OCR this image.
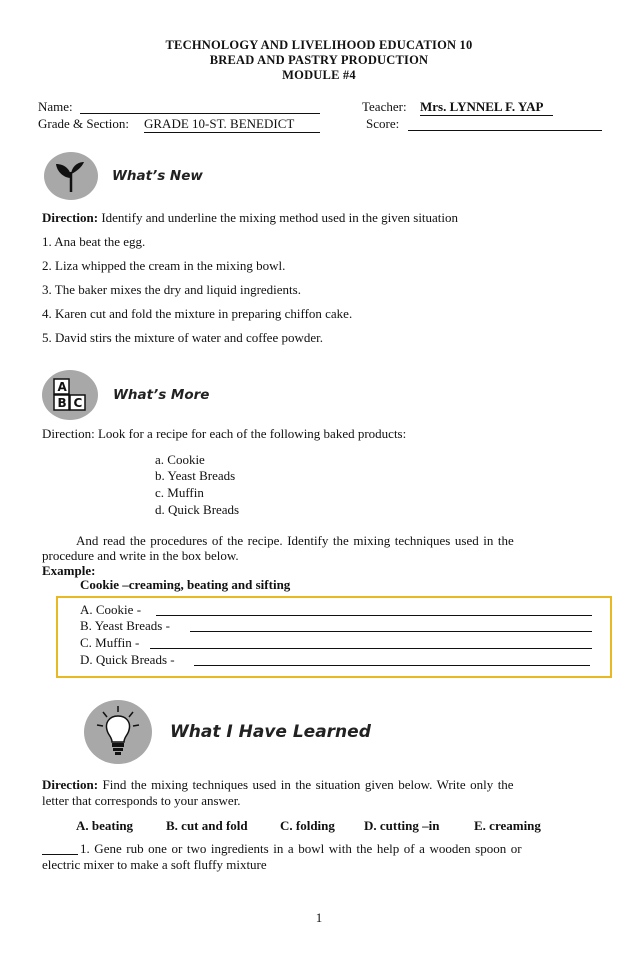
TECHNOLOGY AND LIVELIHOOD EDUCATION 10
BREAD AND PASTRY PRODUCTION
MODULE #4
Name:	Teacher: Mrs. LYNNEL F. YAP
Grade & Section: GRADE 10-ST. BENEDICT	Score:
What’s New
Direction: Identify and underline the mixing method used in the given situation
1. Ana beat the egg.
2. Liza whipped the cream in the mixing bowl.
3. The baker mixes the dry and liquid ingredients.
4. Karen cut and fold the mixture in preparing chiffon cake.
5. David stirs the mixture of water and coffee powder.
A
B C What’s More
Direction: Look for a recipe for each of the following baked products:
a. Cookie
b. Yeast Breads
c. Muffin
d. Quick Breads
And read the procedures of the recipe. Identify the mixing techniques used in the
procedure and write in the box below.
Example:
Cookie –creaming, beating and sifting
A. Cookie -
B. Yeast Breads -
C. Muffin -
D. Quick Breads -
What I Have Learned
Direction: Find the mixing techniques used in the situation given below. Write only the
letter that corresponds to your answer.
A. beating	B. cut and fold C. folding D. cutting –in	E. creaming
1. Gene rub one or two ingredients in a bowl with the help of a wooden spoon or
electric mixer to make a soft fluffy mixture
1
